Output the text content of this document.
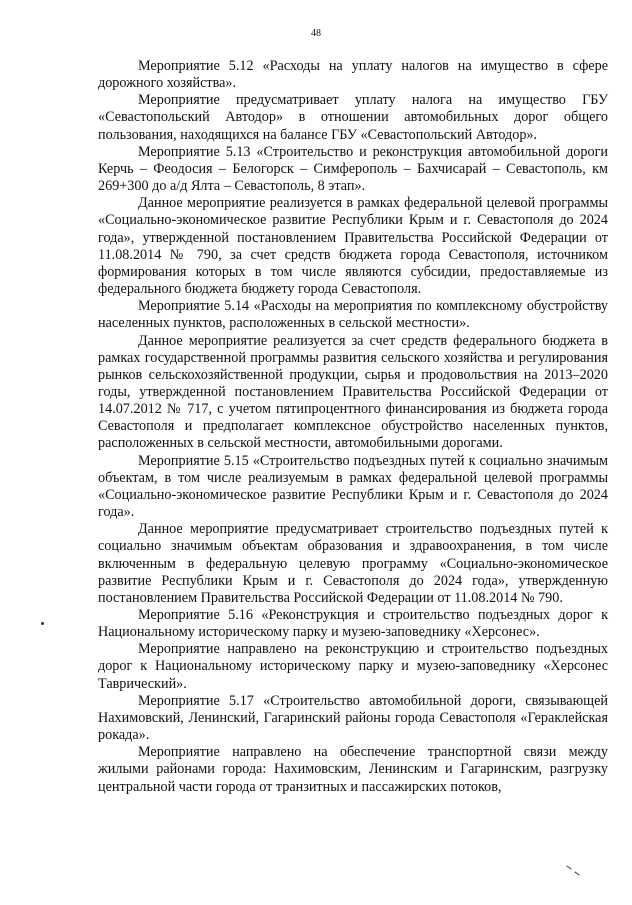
48

Мероприятие 5.12 «Расходы на уплату налогов на имущество в сфере дорожного хозяйства».

Мероприятие предусматривает уплату налога на имущество ГБУ «Севастопольский Автодор» в отношении автомобильных дорог общего пользования, находящихся на балансе ГБУ «Севастопольский Автодор».

Мероприятие 5.13 «Строительство и реконструкция автомобильной дороги Керчь – Феодосия – Белогорск – Симферополь – Бахчисарай – Севастополь, км 269+300 до а/д Ялта – Севастополь, 8 этап».

Данное мероприятие реализуется в рамках федеральной целевой программы «Социально-экономическое развитие Республики Крым и г. Севастополя до 2024 года», утвержденной постановлением Правительства Российской Федерации от 11.08.2014 № 790, за счет средств бюджета города Севастополя, источником формирования которых в том числе являются субсидии, предоставляемые из федерального бюджета бюджету города Севастополя.

Мероприятие 5.14 «Расходы на мероприятия по комплексному обустройству населенных пунктов, расположенных в сельской местности».

Данное мероприятие реализуется за счет средств федерального бюджета в рамках государственной программы развития сельского хозяйства и регулирования рынков сельскохозяйственной продукции, сырья и продовольствия на 2013–2020 годы, утвержденной постановлением Правительства Российской Федерации от 14.07.2012 № 717, с учетом пятипроцентного финансирования из бюджета города Севастополя и предполагает комплексное обустройство населенных пунктов, расположенных в сельской местности, автомобильными дорогами.

Мероприятие 5.15 «Строительство подъездных путей к социально значимым объектам, в том числе реализуемым в рамках федеральной целевой программы «Социально-экономическое развитие Республики Крым и г. Севастополя до 2024 года».

Данное мероприятие предусматривает строительство подъездных путей к социально значимым объектам образования и здравоохранения, в том числе включенным в федеральную целевую программу «Социально-экономическое развитие Республики Крым и г. Севастополя до 2024 года», утвержденную постановлением Правительства Российской Федерации от 11.08.2014 № 790.

Мероприятие 5.16 «Реконструкция и строительство подъездных дорог к Национальному историческому парку и музею-заповеднику «Херсонес».

Мероприятие направлено на реконструкцию и строительство подъездных дорог к Национальному историческому парку и музею-заповеднику «Херсонес Таврический».

Мероприятие 5.17 «Строительство автомобильной дороги, связывающей Нахимовский, Ленинский, Гагаринский районы города Севастополя «Гераклейская рокада».

Мероприятие направлено на обеспечение транспортной связи между жилыми районами города: Нахимовским, Ленинским и Гагаринским, разгрузку центральной части города от транзитных и пассажирских потоков,
